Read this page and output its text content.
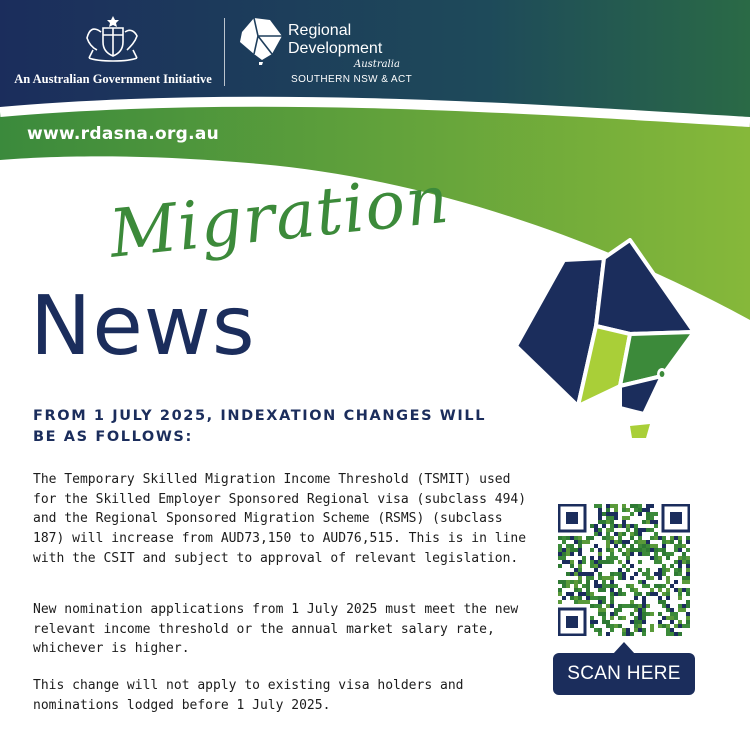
An Australian Government Initiative
Regional
Development
Australia
SOUTHERN NSW & ACT
www.rdasna.org.au
Migration
News
FROM 1 JULY 2025, INDEXATION CHANGES WILL BE AS FOLLOWS:

The Temporary Skilled Migration Income Threshold (TSMIT) used for the Skilled Employer Sponsored Regional visa (subclass 494) and the Regional Sponsored Migration Scheme (RSMS) (subclass 187) will increase from AUD73,150 to AUD76,515. This is in line with the CSIT and subject to approval of relevant legislation.

New nomination applications from 1 July 2025 must meet the new relevant income threshold or the annual market salary rate, whichever is higher.

This change will not apply to existing visa holders and nominations lodged before 1 July 2025.

SCAN HERE
